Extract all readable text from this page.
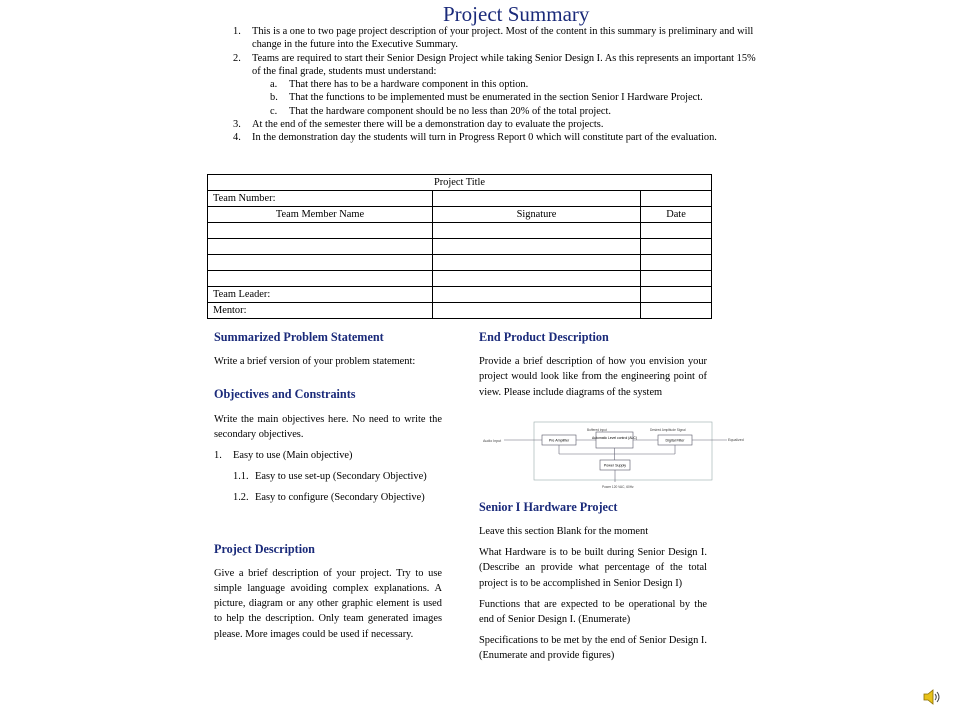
Project Summary
1. This is a one to two page project description of your project. Most of the content in this summary is preliminary and will change in the future into the Executive Summary.
2. Teams are required to start their Senior Design Project while taking Senior Design I. As this represents an important 15% of the final grade, students must understand:
a. That there has to be a hardware component in this option.
b. That the functions to be implemented must be enumerated in the section Senior I Hardware Project.
c. That the hardware component should be no less than 20% of the total project.
3. At the end of the semester there will be a demonstration day to evaluate the projects.
4. In the demonstration day the students will turn in Progress Report 0 which will constitute part of the evaluation.
Project Title		
Team Number:		
Team Member Name	Signature	Date

Team Leader:		
Mentor:		
Summarized Problem Statement
Write a brief version of your problem statement:
Objectives and Constraints
Write the main objectives here. No need to write the secondary objectives.
1. Easy to use (Main objective)
1.1. Easy to use set-up (Secondary Objective)
1.2. Easy to configure (Secondary Objective)
Project Description
Give a brief description of your project. Try to use simple language avoiding complex explanations. A picture, diagram or any other graphic element is used to help the description. Only team generated images please. More images could be used if necessary.
End Product Description
Provide a brief description of how you envision your project would look like from the engineering point of view. Please include diagrams of the system
Senior I Hardware Project
Leave this section Blank for the moment
What Hardware is to be built during Senior Design I. (Describe an provide what percentage of the total project is to be accomplished in Senior Design I)
Functions that are expected to be operational by the end of Senior Design I. (Enumerate)
Specifications to be met by the end of Senior Design I. (Enumerate and provide figures)
Audio Input	Equalized
Buffered input	Desired Amplitude Signal
Pre Amplifier
Automatic Level control (ALC)
Digital Filter
Power Supply
Power 120 VAC, 60Hz
